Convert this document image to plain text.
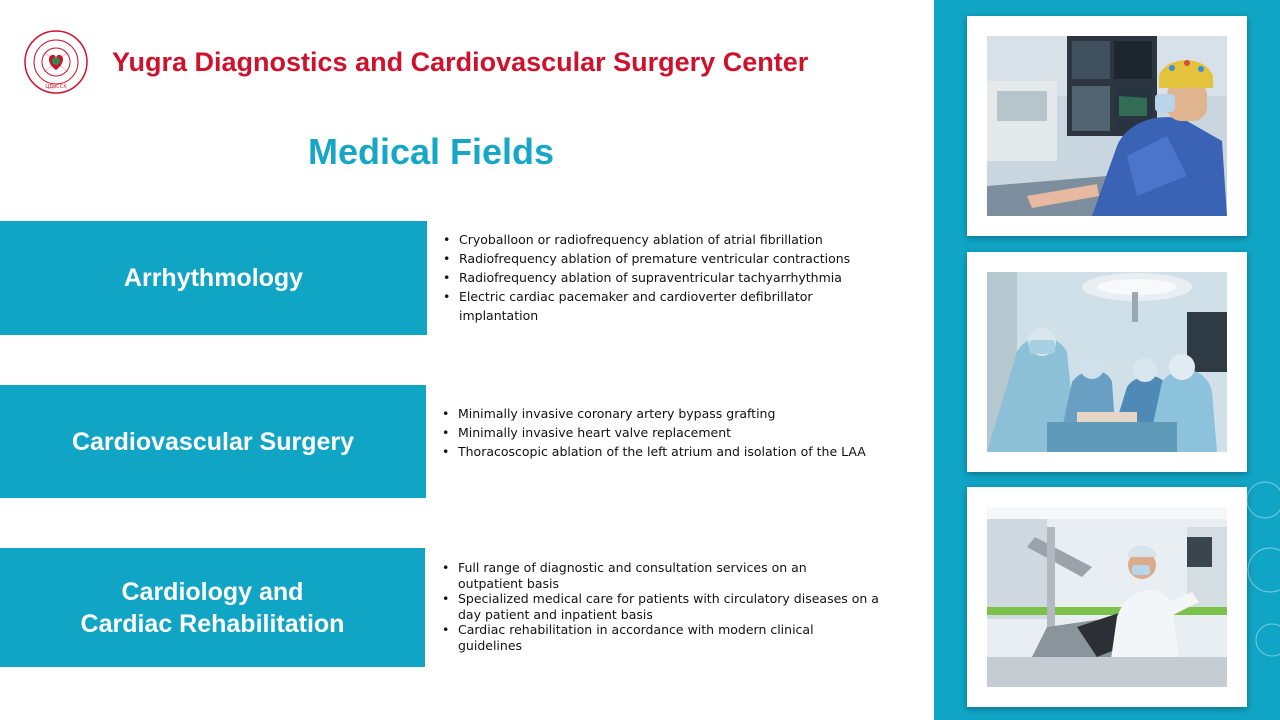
ЦДиССХ
Yugra Diagnostics and Cardiovascular Surgery Center
Medical Fields
Arrhythmology
• Cryoballoon or radiofrequency ablation of atrial fibrillation
• Radiofrequency ablation of premature ventricular contractions
• Radiofrequency ablation of supraventricular tachyarrhythmia
• Electric cardiac pacemaker and cardioverter defibrillator implantation
Cardiovascular Surgery
• Minimally invasive coronary artery bypass grafting
• Minimally invasive heart valve replacement
• Thoracoscopic ablation of the left atrium and isolation of the LAA
Cardiology and
Cardiac Rehabilitation
• Full range of diagnostic and consultation services on an outpatient basis
• Specialized medical care for patients with circulatory diseases on a day patient and inpatient basis
• Cardiac rehabilitation in accordance with modern clinical guidelines
